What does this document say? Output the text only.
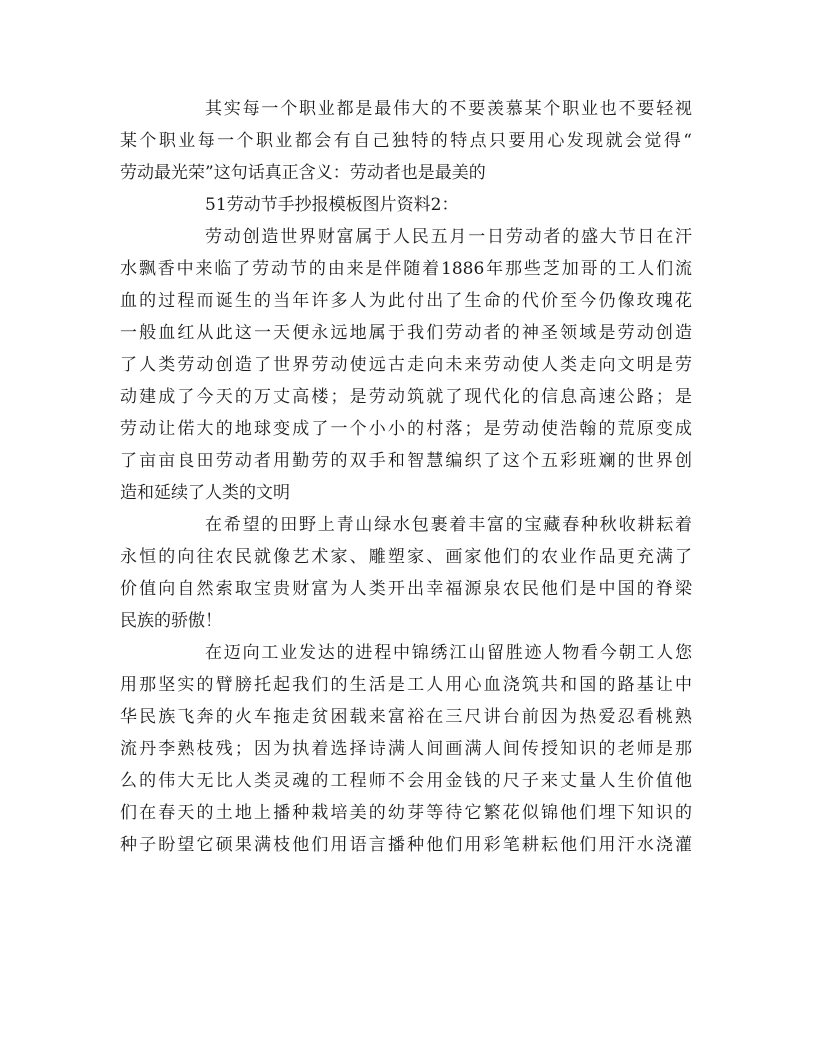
其实每一个职业都是最伟大的不要羡慕某个职业也不要轻视
某个职业每一个职业都会有自己独特的特点只要用心发现就会觉得“
劳动最光荣”这句话真正含义：劳动者也是最美的
51劳动节手抄报模板图片资料2：
劳动创造世界财富属于人民五月一日劳动者的盛大节日在汗
水飘香中来临了劳动节的由来是伴随着1886年那些芝加哥的工人们流
血的过程而诞生的当年许多人为此付出了生命的代价至今仍像玫瑰花
一般血红从此这一天便永远地属于我们劳动者的神圣领域是劳动创造
了人类劳动创造了世界劳动使远古走向未来劳动使人类走向文明是劳
动建成了今天的万丈高楼；是劳动筑就了现代化的信息高速公路；是
劳动让偌大的地球变成了一个小小的村落；是劳动使浩翰的荒原变成
了亩亩良田劳动者用勤劳的双手和智慧编织了这个五彩班斓的世界创
造和延续了人类的文明
在希望的田野上青山绿水包裹着丰富的宝藏春种秋收耕耘着
永恒的向往农民就像艺术家、雕塑家、画家他们的农业作品更充满了
价值向自然索取宝贵财富为人类开出幸福源泉农民他们是中国的脊梁
民族的骄傲！
在迈向工业发达的进程中锦绣江山留胜迹人物看今朝工人您
用那坚实的臂膀托起我们的生活是工人用心血浇筑共和国的路基让中
华民族飞奔的火车拖走贫困载来富裕在三尺讲台前因为热爱忍看桃熟
流丹李熟枝残；因为执着选择诗满人间画满人间传授知识的老师是那
么的伟大无比人类灵魂的工程师不会用金钱的尺子来丈量人生价值他
们在春天的土地上播种栽培美的幼芽等待它繁花似锦他们埋下知识的
种子盼望它硕果满枝他们用语言播种他们用彩笔耕耘他们用汗水浇灌
